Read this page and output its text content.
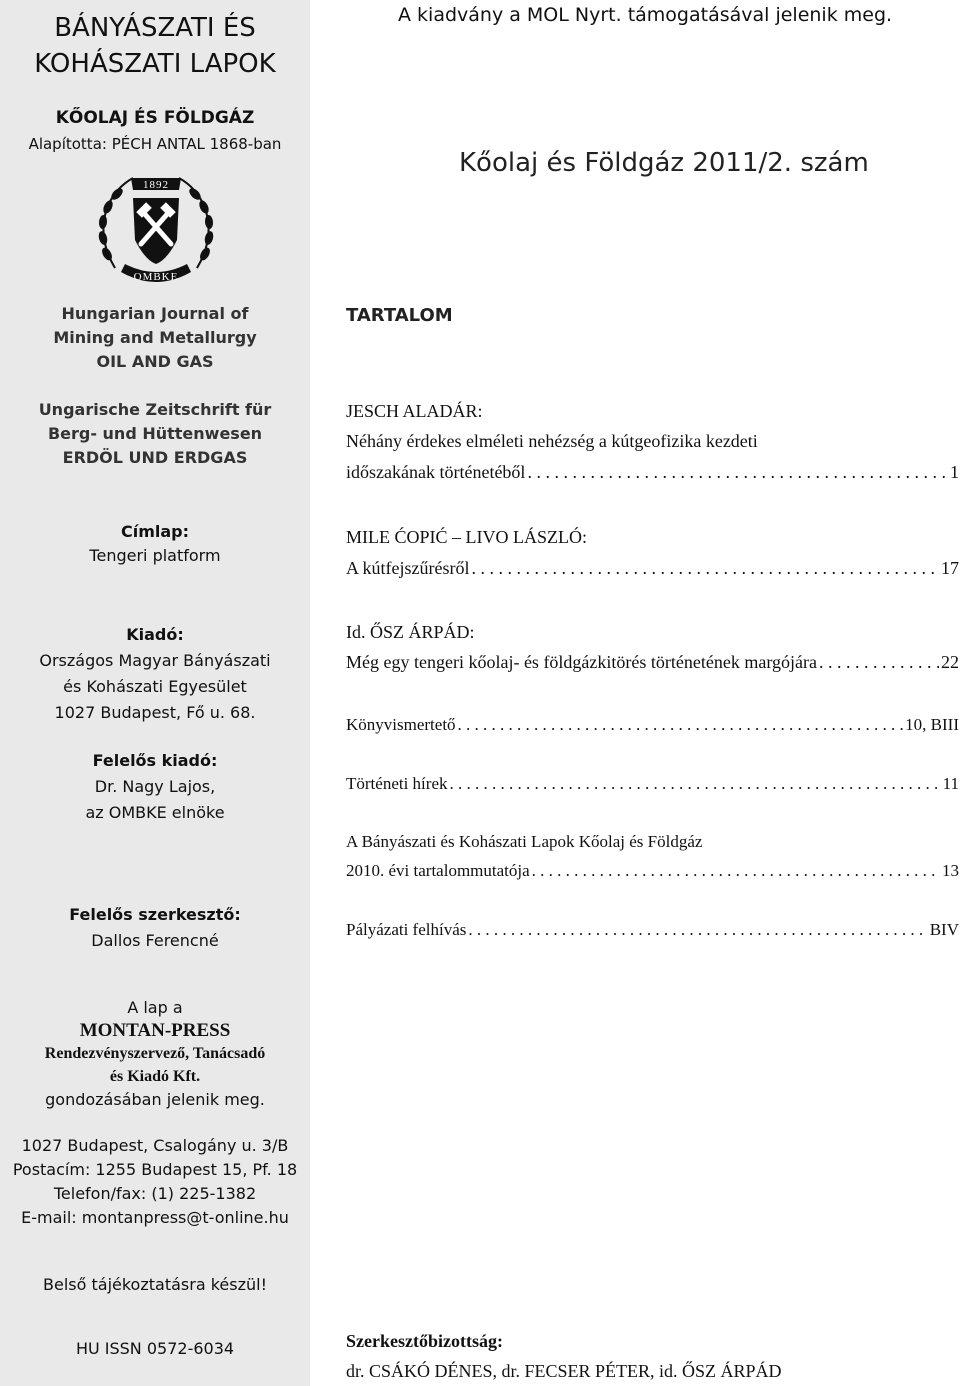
BÁNYÁSZATI ÉS
KOHÁSZATI LAPOK
KŐOLAJ ÉS FÖLDGÁZ
Alapította: PÉCH ANTAL 1868-ban
1892
OMBKE
Hungarian Journal of
Mining and Metallurgy
OIL AND GAS
Ungarische Zeitschrift für
Berg- und Hüttenwesen
ERDÖL UND ERDGAS
Címlap:
Tengeri platform
Kiadó:
Országos Magyar Bányászati
és Kohászati Egyesület
1027 Budapest, Fő u. 68.
Felelős kiadó:
Dr. Nagy Lajos,
az OMBKE elnöke
Felelős szerkesztő:
Dallos Ferencné
A lap a
MONTAN-PRESS
Rendezvényszervező, Tanácsadó
és Kiadó Kft.
gondozásában jelenik meg.
1027 Budapest, Csalogány u. 3/B
Postacím: 1255 Budapest 15, Pf. 18
Telefon/fax: (1) 225-1382
E-mail: montanpress@t-online.hu
Belső tájékoztatásra készül!
HU ISSN 0572-6034
A kiadvány a MOL Nyrt. támogatásával jelenik meg.
Kőolaj és Földgáz 2011/2. szám
TARTALOM
JESCH ALADÁR:
Néhány érdekes elméleti nehézség a kútgeofizika kezdeti
időszakának történetéből . . .	1
MILE ĆOPIĆ – LIVO LÁSZLÓ:
A kútfejszűrésről . . .	17
Id. ŐSZ ÁRPÁD:
Még egy tengeri kőolaj- és földgázkitörés történetének margójára . . .	22
Könyvismertető . . .	10, BIII
Történeti hírek . . .	11
A Bányászati és Kohászati Lapok Kőolaj és Földgáz
2010. évi tartalommutatója . . .	13
Pályázati felhívás . . .	BIV
Szerkesztőbizottság:
dr. CSÁKÓ DÉNES, dr. FECSER PÉTER, id. ŐSZ ÁRPÁD
